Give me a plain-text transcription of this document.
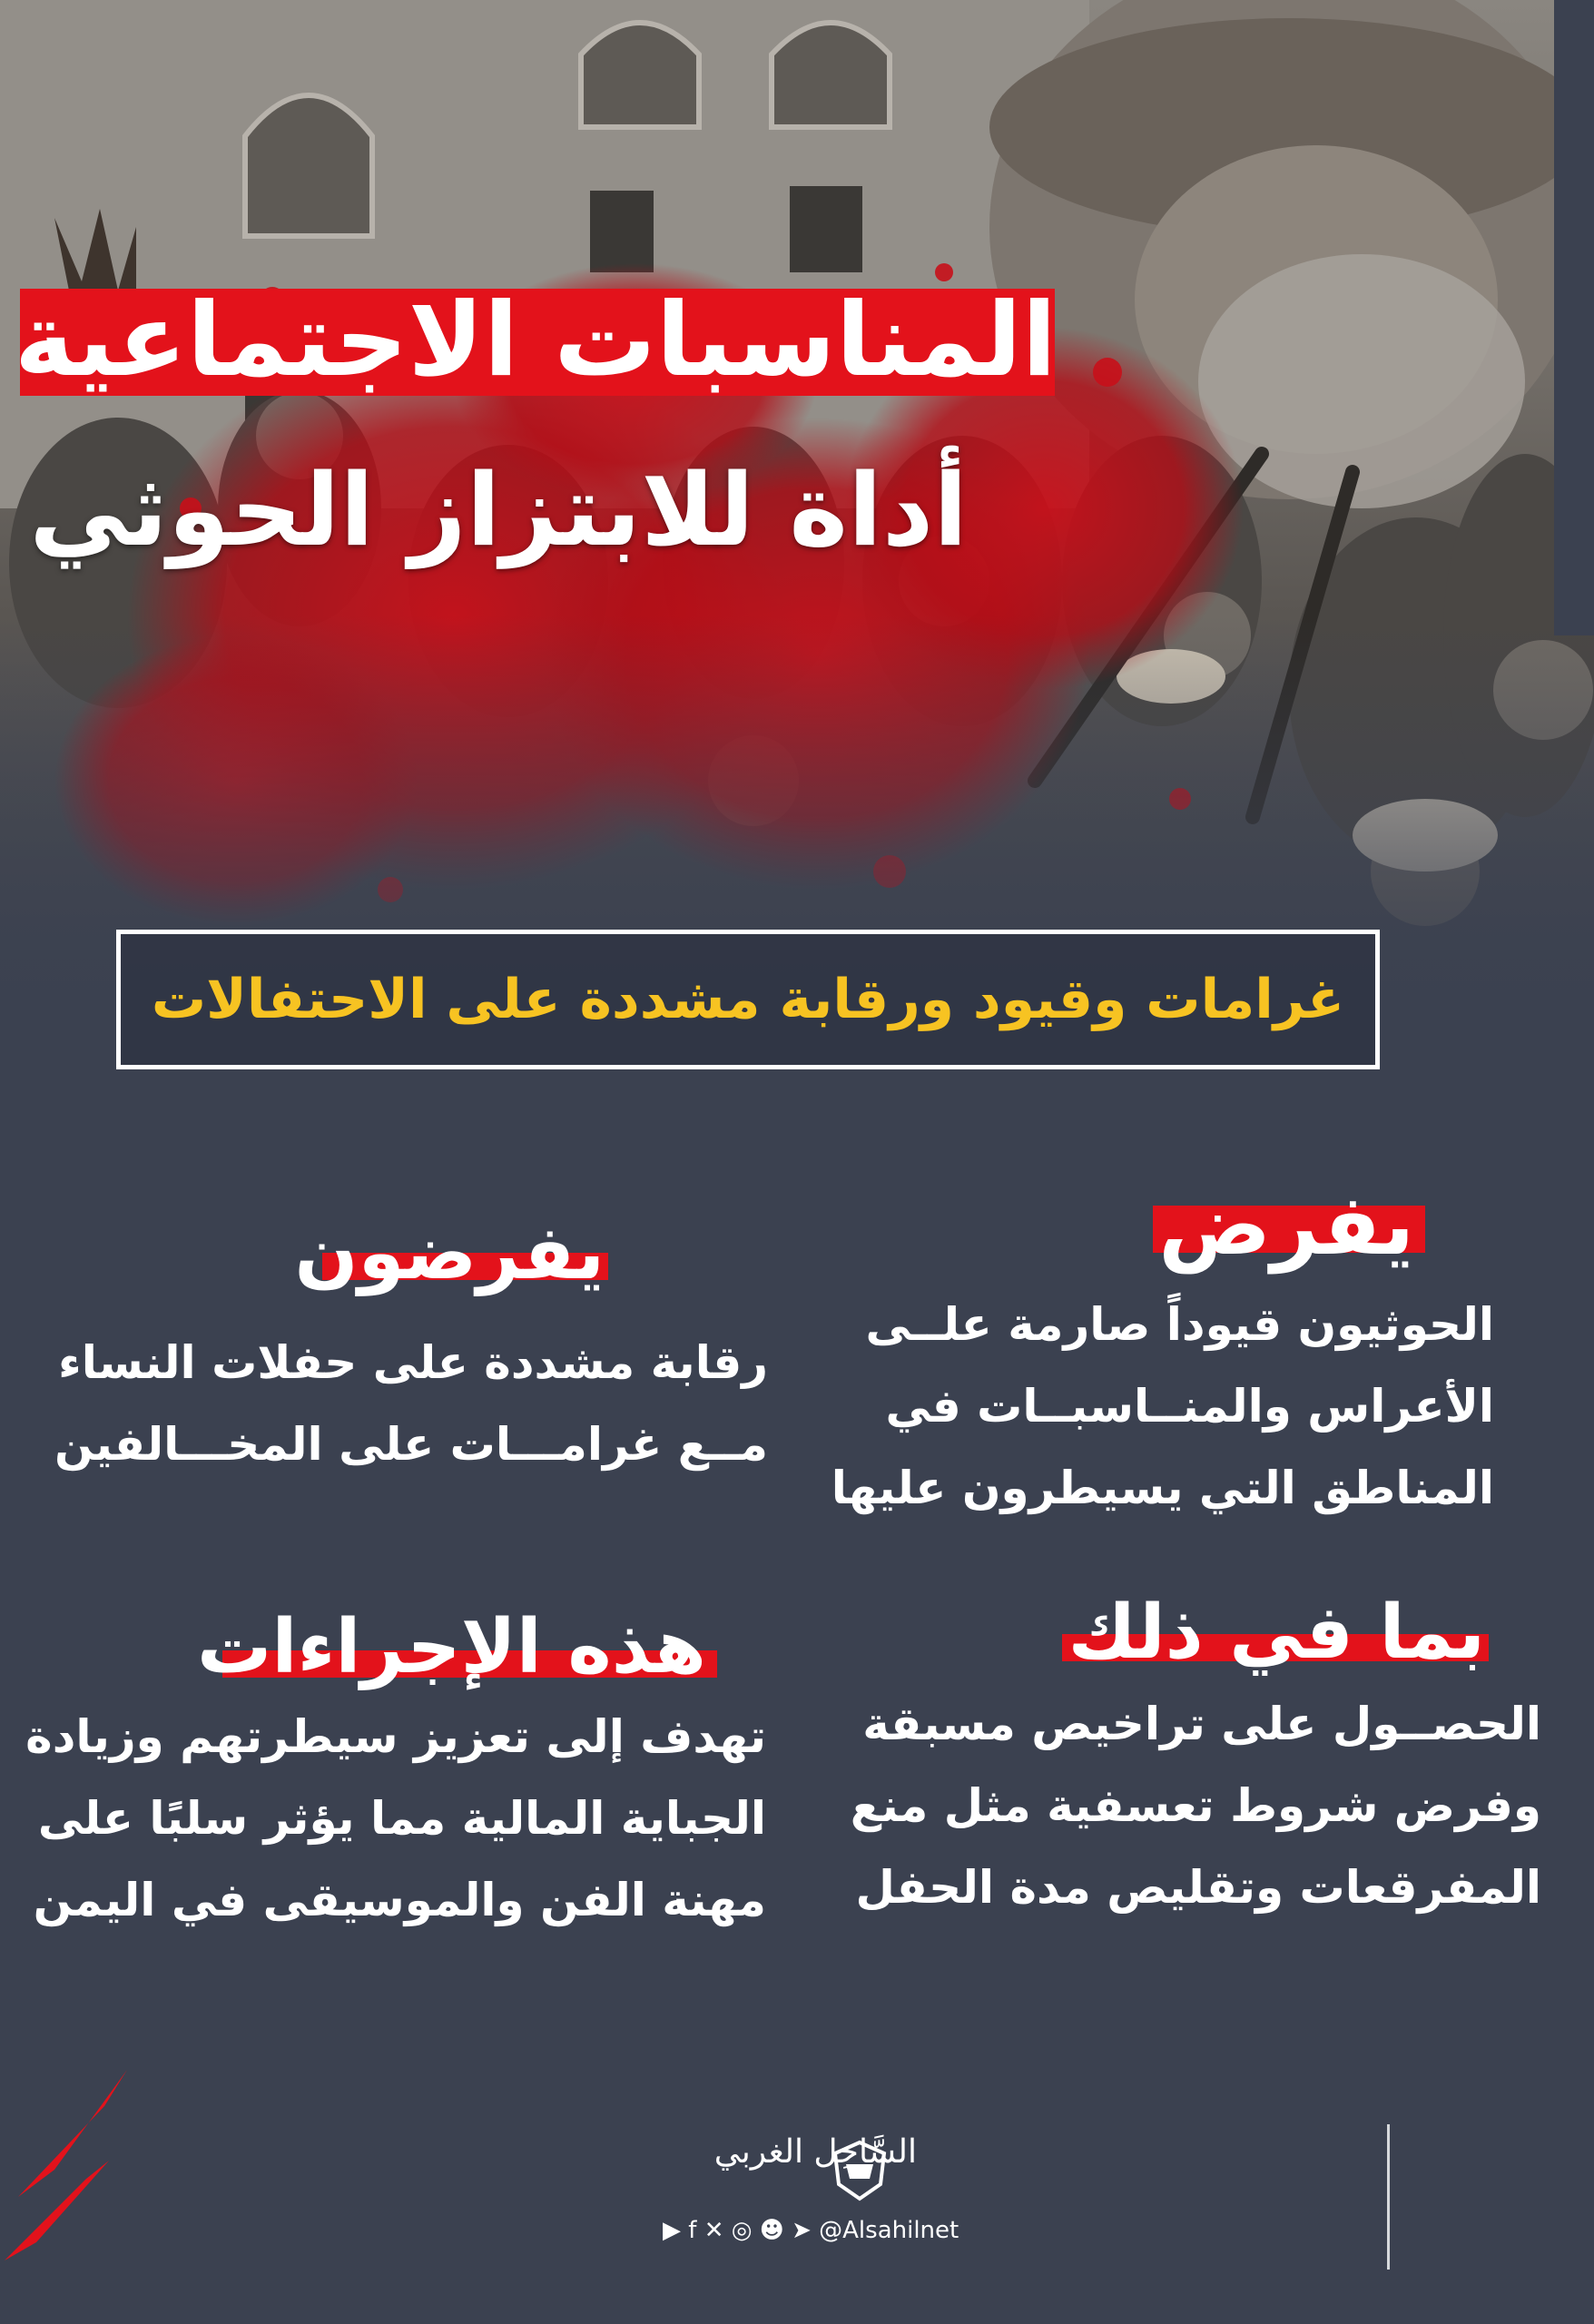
المناسبات الاجتماعية
أداة للابتزاز الحوثي
غرامات وقيود ورقابة مشددة على الاحتفالات
يفرض
الحوثيون قيوداً صارمة علــى
الأعراس والمنــاسبــات في
المناطق التي يسيطرون عليها
يفرضون
رقابة مشددة على حفلات النساء
مــع غرامـــات على المخـــالفين
بما في ذلك
الحصــول على تراخيص مسبقة
وفرض شروط تعسفية مثل منع
المفرقعات وتقليص مدة الحفل
هذه الإجراءات
تهدف إلى تعزيز سيطرتهم وزيادة
الجباية المالية مما يؤثر سلبًا على
مهنة الفن والموسيقى في اليمن
السَّاحِل الغربي
▶ f ✕ ◎ ☻ ➤ @Alsahilnet
